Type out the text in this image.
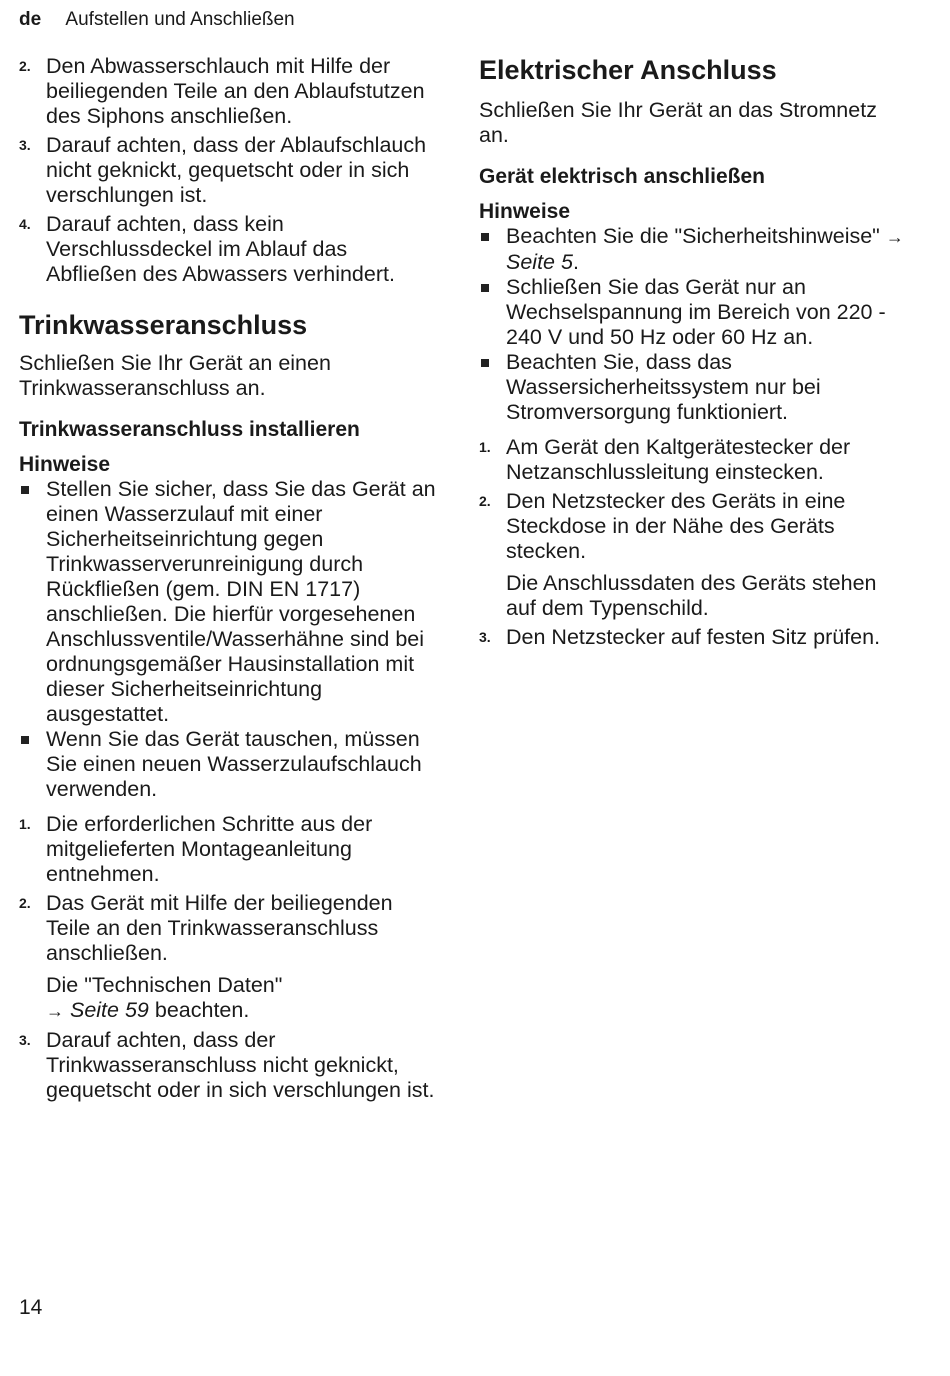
de Aufstellen und Anschließen
2. Den Abwasserschlauch mit Hilfe der beiliegenden Teile an den Ablaufstutzen des Siphons anschließen.
3. Darauf achten, dass der Ablaufschlauch nicht geknickt, gequetscht oder in sich verschlungen ist.
4. Darauf achten, dass kein Verschlussdeckel im Ablauf das Abfließen des Abwassers verhindert.
Trinkwasseranschluss
Schließen Sie Ihr Gerät an einen Trinkwasseranschluss an.
Trinkwasseranschluss installieren
Hinweise
Stellen Sie sicher, dass Sie das Gerät an einen Wasserzulauf mit einer Sicherheitseinrichtung gegen Trinkwasserverunreinigung durch Rückfließen (gem. DIN EN 1717) anschließen. Die hierfür vorgesehenen Anschlussventile/Wasserhähne sind bei ordnungsgemäßer Hausinstallation mit dieser Sicherheitseinrichtung ausgestattet.
Wenn Sie das Gerät tauschen, müssen Sie einen neuen Wasserzulaufschlauch verwenden.
1. Die erforderlichen Schritte aus der mitgelieferten Montageanleitung entnehmen.
2. Das Gerät mit Hilfe der beiliegenden Teile an den Trinkwasseranschluss anschließen.
Die "Technischen Daten"
→ Seite 59 beachten.
3. Darauf achten, dass der Trinkwasseranschluss nicht geknickt, gequetscht oder in sich verschlungen ist.
Elektrischer Anschluss
Schließen Sie Ihr Gerät an das Stromnetz an.
Gerät elektrisch anschließen
Hinweise
Beachten Sie die "Sicherheitshinweise" → Seite 5.
Schließen Sie das Gerät nur an Wechselspannung im Bereich von 220 - 240 V und 50 Hz oder 60 Hz an.
Beachten Sie, dass das Wassersicherheitssystem nur bei Stromversorgung funktioniert.
1. Am Gerät den Kaltgerätestecker der Netzanschlussleitung einstecken.
2. Den Netzstecker des Geräts in eine Steckdose in der Nähe des Geräts stecken.
Die Anschlussdaten des Geräts stehen auf dem Typenschild.
3. Den Netzstecker auf festen Sitz prüfen.
14
